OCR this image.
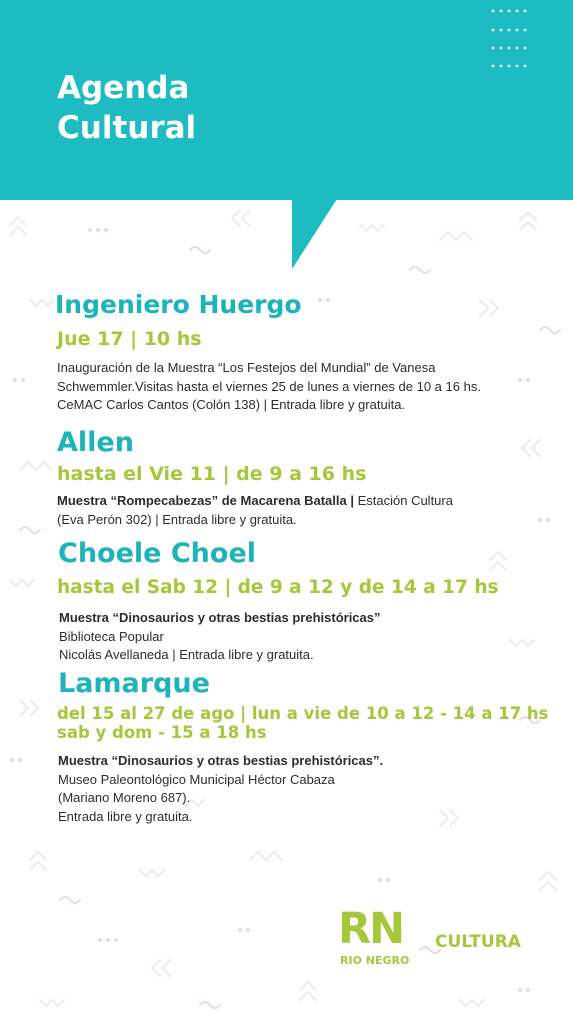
Agenda
Cultural
Ingeniero Huergo

Jue 17 | 10 hs

Inauguración de la Muestra “Los Festejos del Mundial” de Vanesa
Schwemmler.Visitas hasta el viernes 25 de lunes a viernes de 10 a 16 hs.
CeMAC Carlos Cantos (Colón 138) | Entrada libre y gratuita.

Allen

hasta el Vie 11 | de 9 a 16 hs

Muestra “Rompecabezas” de Macarena Batalla | Estación Cultura
(Eva Perón 302) | Entrada libre y gratuita.

Choele Choel

hasta el Sab 12 | de 9 a 12 y de 14 a 17 hs

Muestra “Dinosaurios y otras bestias prehistóricas”
Biblioteca Popular
Nicolás Avellaneda | Entrada libre y gratuita.

Lamarque

del 15 al 27 de ago | lun a vie de 10 a 12 - 14 a 17 hs
sab y dom - 15 a 18 hs

Muestra “Dinosaurios y otras bestias prehistóricas”.
Museo Paleontológico Municipal Héctor Cabaza
(Mariano Moreno 687).
Entrada libre y gratuita.

RN
RIO NEGRO
CULTURA
